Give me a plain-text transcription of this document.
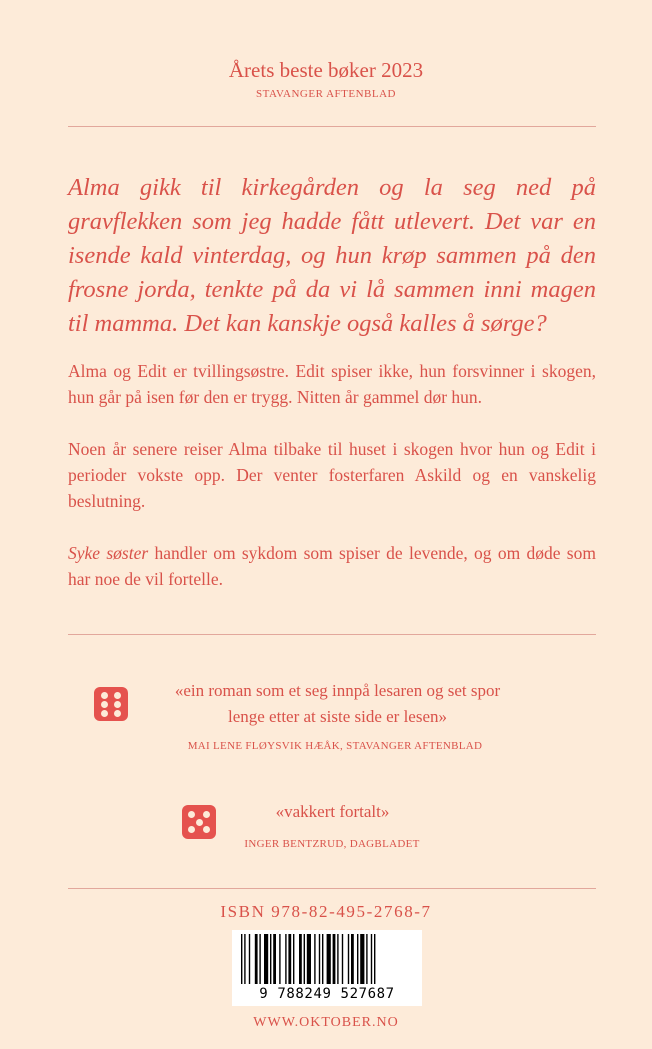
Årets beste bøker 2023
STAVANGER AFTENBLAD
Alma gikk til kirkegården og la seg ned på gravflekken som jeg hadde fått utlevert. Det var en isende kald vinterdag, og hun krøp sammen på den frosne jorda, tenkte på da vi lå sammen inni magen til mamma. Det kan kanskje også kalles å sørge?
Alma og Edit er tvillingsøstre. Edit spiser ikke, hun forsvinner i skogen, hun går på isen før den er trygg. Nitten år gammel dør hun.
Noen år senere reiser Alma tilbake til huset i skogen hvor hun og Edit i perioder vokste opp. Der venter fosterfaren Askild og en vanskelig beslutning.
Syke søster handler om sykdom som spiser de levende, og om døde som har noe de vil fortelle.
«ein roman som et seg innpå lesaren og set spor
lenge etter at siste side er lesen»
MAI LENE FLØYSVIK HÆÅK, STAVANGER AFTENBLAD
«vakkert fortalt»
INGER BENTZRUD, DAGBLADET
ISBN 978-82-495-2768-7
9 788249 527687
WWW.OKTOBER.NO
